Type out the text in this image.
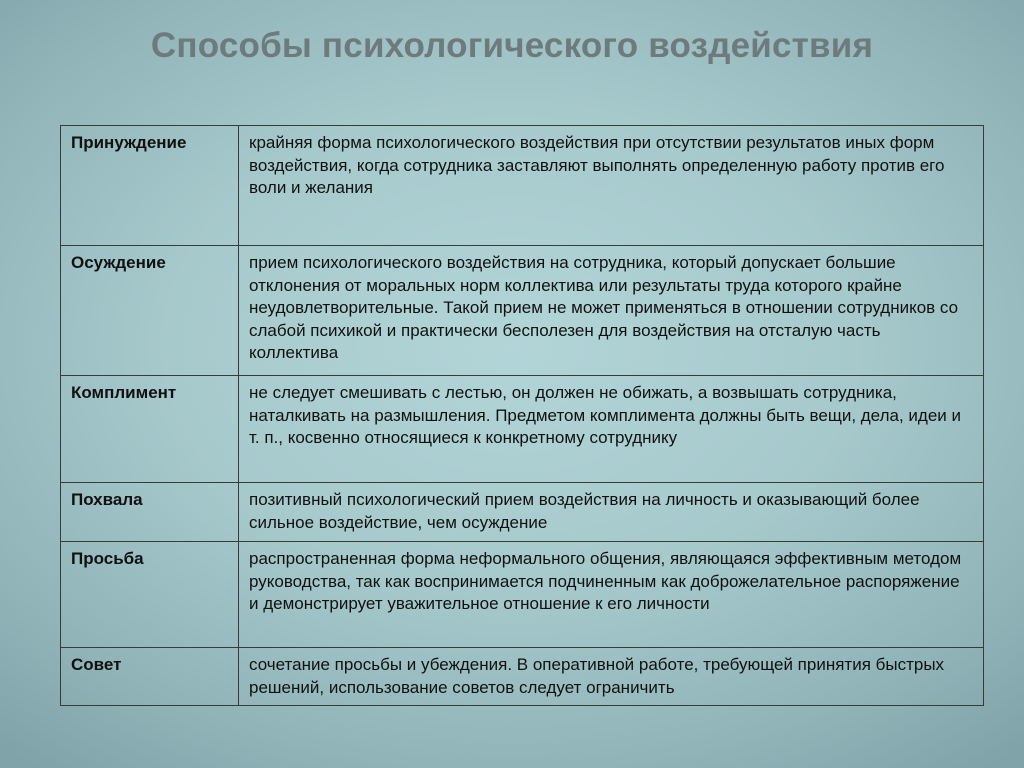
Способы психологического воздействия
Принуждение	крайняя форма психологического воздействия при отсутствии результатов иных форм воздействия, когда сотрудника заставляют выполнять определенную работу против его воли и желания
Осуждение	прием психологического воздействия на сотрудника, который допускает большие отклонения от моральных норм коллектива или результаты труда которого крайне неудовлетворительные. Такой прием не может применяться в отношении сотрудников со слабой психикой и практически бесполезен для воздействия на отсталую часть коллектива
Комплимент	не следует смешивать с лестью, он должен не обижать, а возвышать сотрудника, наталкивать на размышления. Предметом комплимента должны быть вещи, дела, идеи и т. п., косвенно относящиеся к конкретному сотруднику
Похвала	позитивный психологический прием воздействия на личность и оказывающий более сильное воздействие, чем осуждение
Просьба	распространенная форма неформального общения, являющаяся эффективным методом руководства, так как воспринимается подчиненным как доброжелательное распоряжение и демонстрирует уважительное отношение к его личности
Совет	сочетание просьбы и убеждения. В оперативной работе, требующей принятия быстрых решений, использование советов следует ограничить
